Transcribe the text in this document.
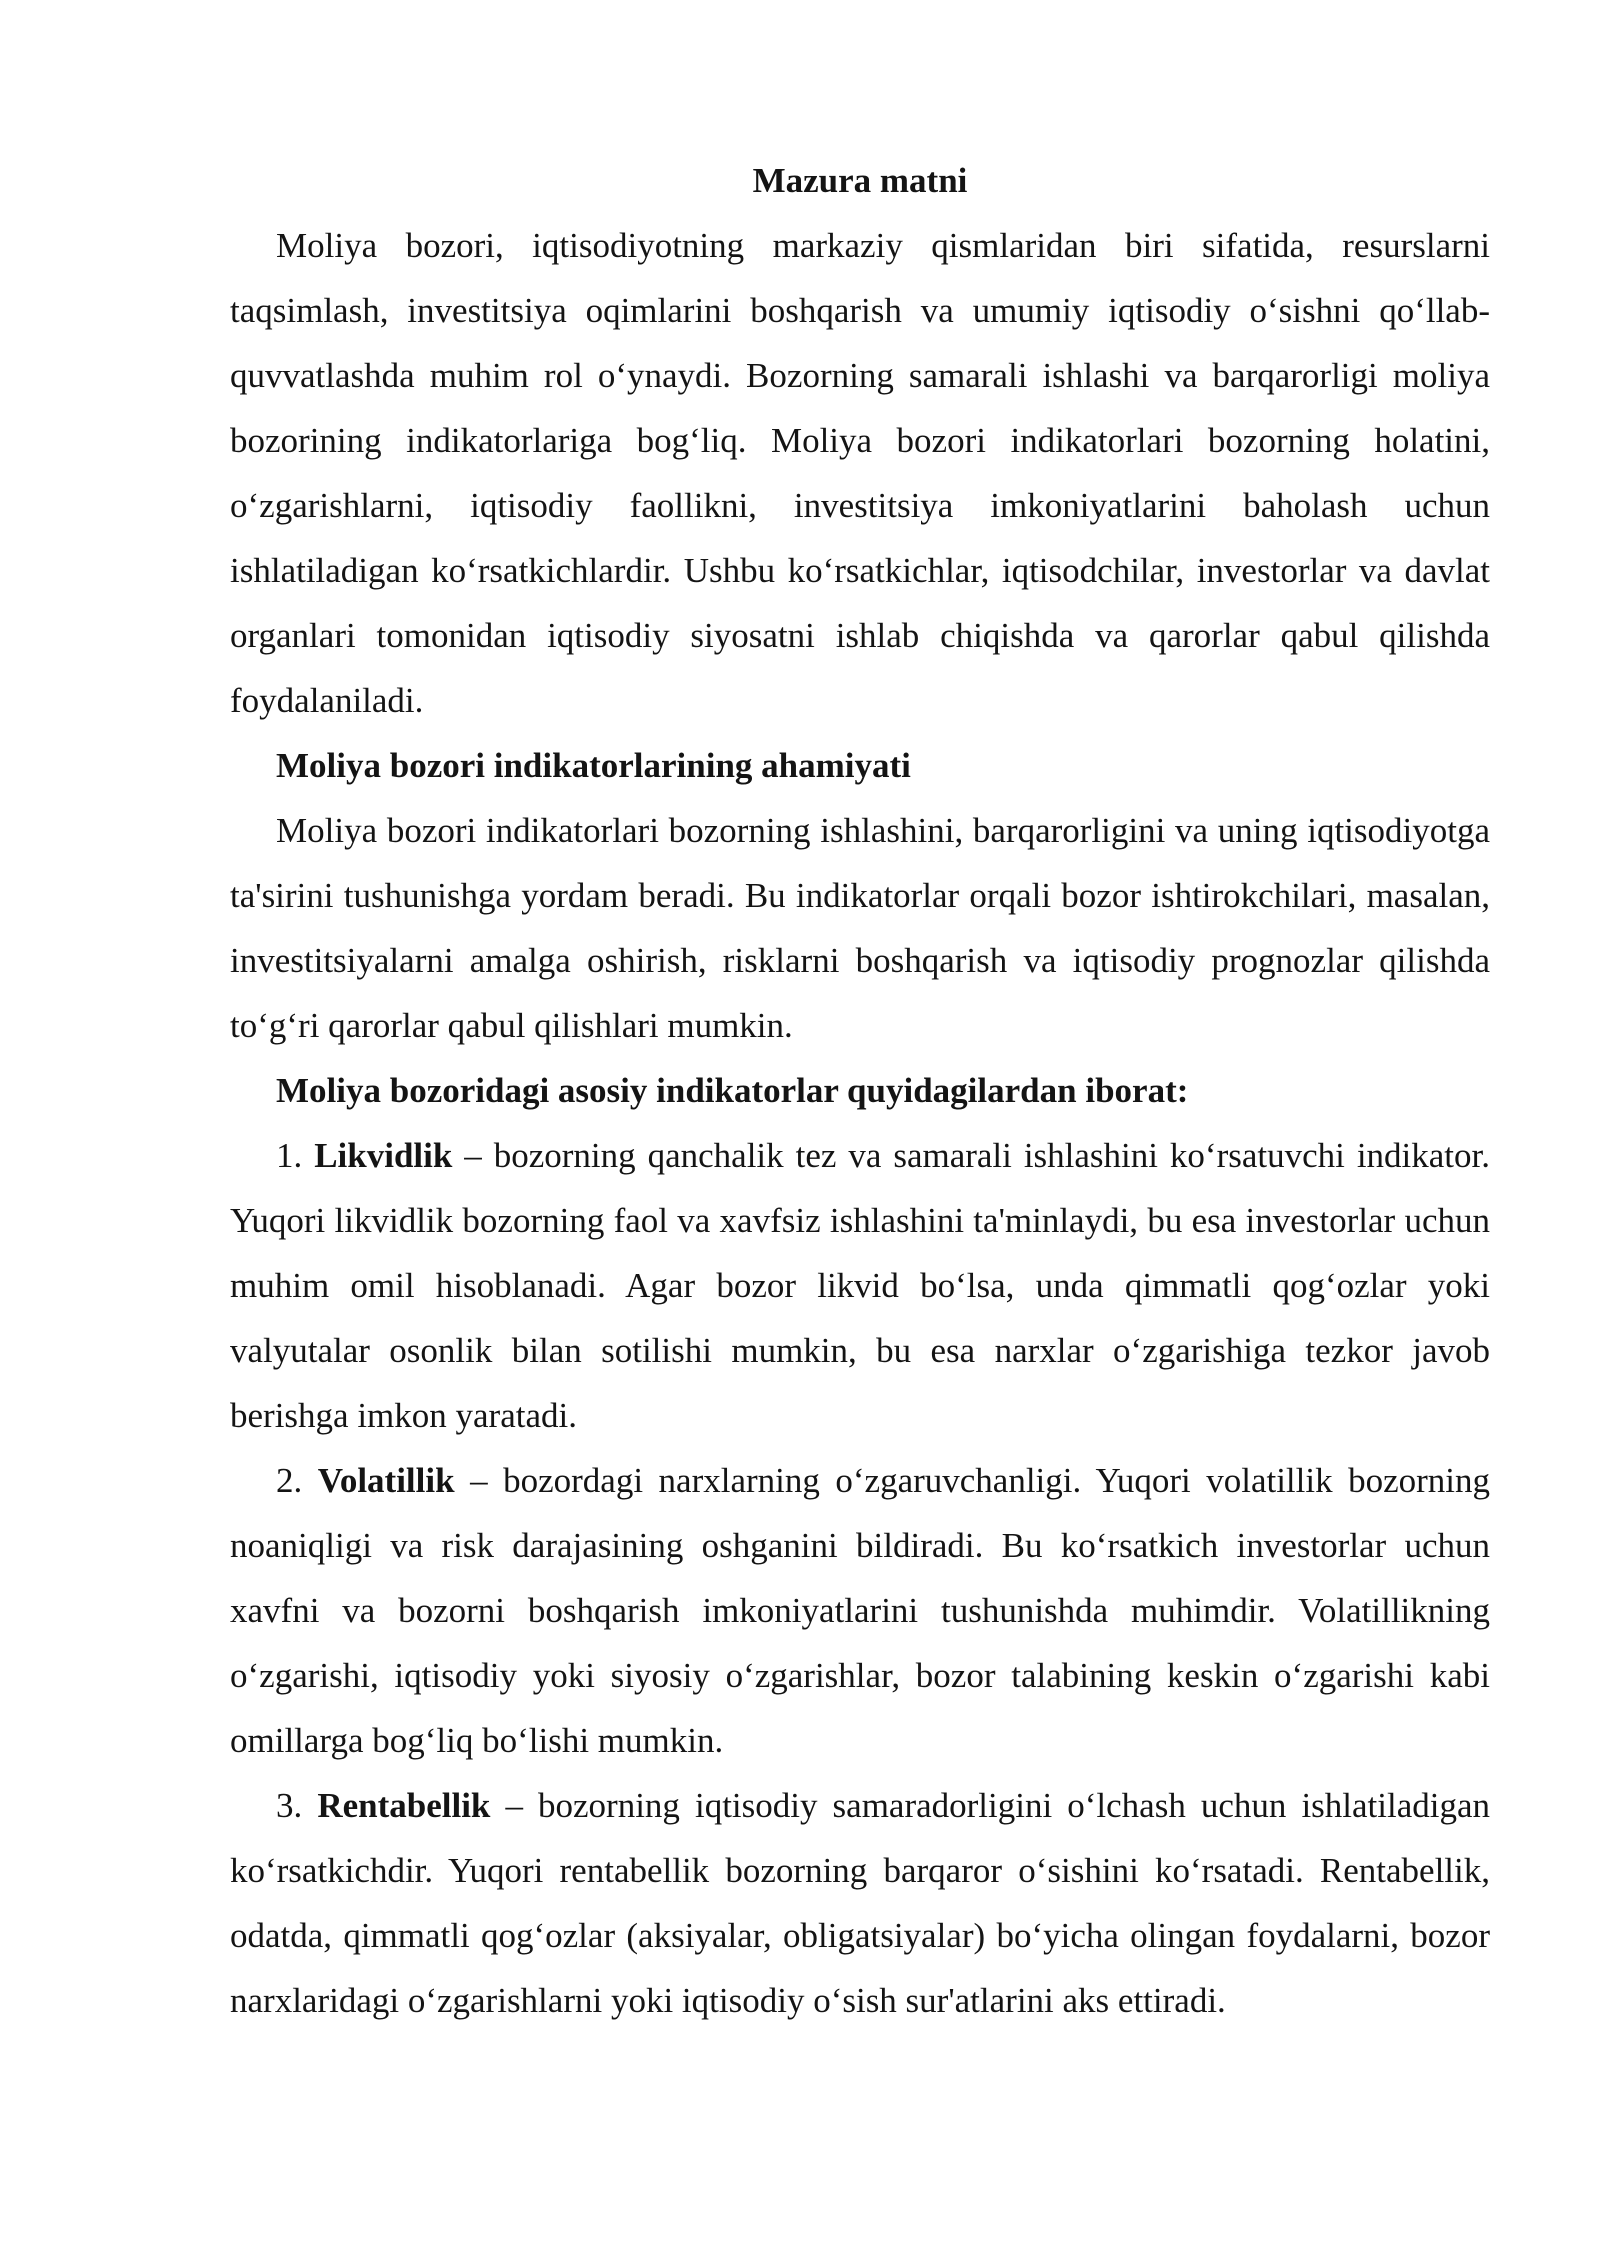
Mazura matni

Moliya bozori, iqtisodiyotning markaziy qismlaridan biri sifatida, resurslarni taqsimlash, investitsiya oqimlarini boshqarish va umumiy iqtisodiy o‘sishni qo‘llab-quvvatlashda muhim rol o‘ynaydi. Bozorning samarali ishlashi va barqarorligi moliya bozorining indikatorlariga bog‘liq. Moliya bozori indikatorlari bozorning holatini, o‘zgarishlarni, iqtisodiy faollikni, investitsiya imkoniyatlarini baholash uchun ishlatiladigan ko‘rsatkichlardir. Ushbu ko‘rsatkichlar, iqtisodchilar, investorlar va davlat organlari tomonidan iqtisodiy siyosatni ishlab chiqishda va qarorlar qabul qilishda foydalaniladi.

Moliya bozori indikatorlarining ahamiyati

Moliya bozori indikatorlari bozorning ishlashini, barqarorligini va uning iqtisodiyotga ta'sirini tushunishga yordam beradi. Bu indikatorlar orqali bozor ishtirokchilari, masalan, investitsiyalarni amalga oshirish, risklarni boshqarish va iqtisodiy prognozlar qilishda to‘g‘ri qarorlar qabul qilishlari mumkin.

Moliya bozoridagi asosiy indikatorlar quyidagilardan iborat:

1. Likvidlik – bozorning qanchalik tez va samarali ishlashini ko‘rsatuvchi indikator. Yuqori likvidlik bozorning faol va xavfsiz ishlashini ta'minlaydi, bu esa investorlar uchun muhim omil hisoblanadi. Agar bozor likvid bo‘lsa, unda qimmatli qog‘ozlar yoki valyutalar osonlik bilan sotilishi mumkin, bu esa narxlar o‘zgarishiga tezkor javob berishga imkon yaratadi.

2. Volatillik – bozordagi narxlarning o‘zgaruvchanligi. Yuqori volatillik bozorning noaniqligi va risk darajasining oshganini bildiradi. Bu ko‘rsatkich investorlar uchun xavfni va bozorni boshqarish imkoniyatlarini tushunishda muhimdir. Volatillikning o‘zgarishi, iqtisodiy yoki siyosiy o‘zgarishlar, bozor talabining keskin o‘zgarishi kabi omillarga bog‘liq bo‘lishi mumkin.

3. Rentabellik – bozorning iqtisodiy samaradorligini o‘lchash uchun ishlatiladigan ko‘rsatkichdir. Yuqori rentabellik bozorning barqaror o‘sishini ko‘rsatadi. Rentabellik, odatda, qimmatli qog‘ozlar (aksiyalar, obligatsiyalar) bo‘yicha olingan foydalarni, bozor narxlaridagi o‘zgarishlarni yoki iqtisodiy o‘sish sur'atlarini aks ettiradi.
